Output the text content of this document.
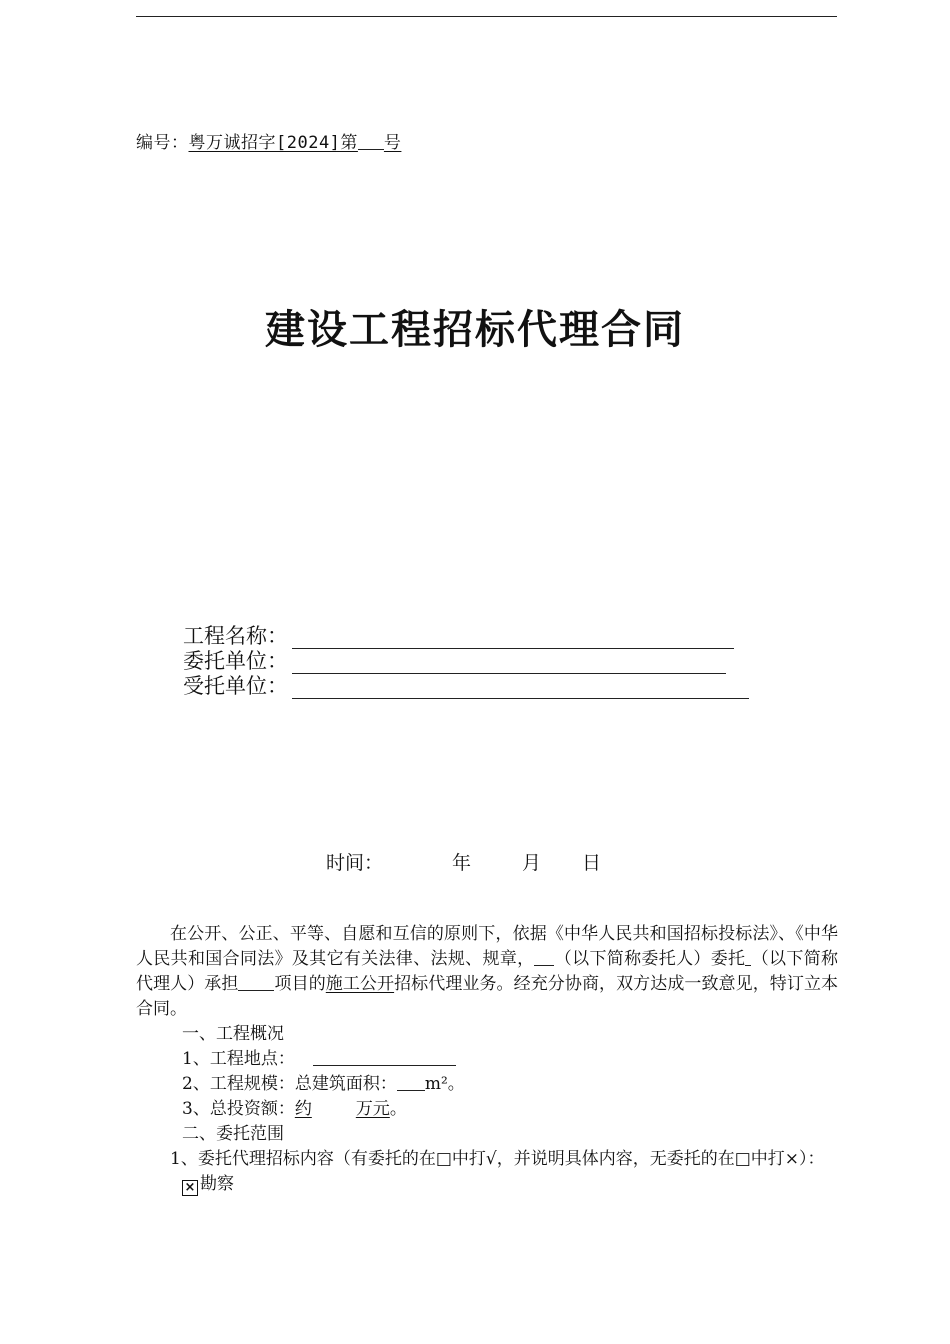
编号：粤万诚招字[2024]第 号
建设工程招标代理合同
工程名称：
委托单位：
受托单位：
时间：	年	月 日

在公开、公正、平等、自愿和互信的原则下，依据《中华人民共和国招标投标法》、《中华人民共和国合同法》及其它有关法律、法规、规章， （以下简称委托人）委托 （以下简称代理人）承担 项目的施工公开招标代理业务。经充分协商，双方达成一致意见，特订立本合同。

一、工程概况

1、工程地点：

2、工程规模：总建筑面积： m²。

3、总投资额：约	万元。

二、委托范围

1、委托代理招标内容（有委托的在□中打√，并说明具体内容，无委托的在□中打×）：

× 勘察
